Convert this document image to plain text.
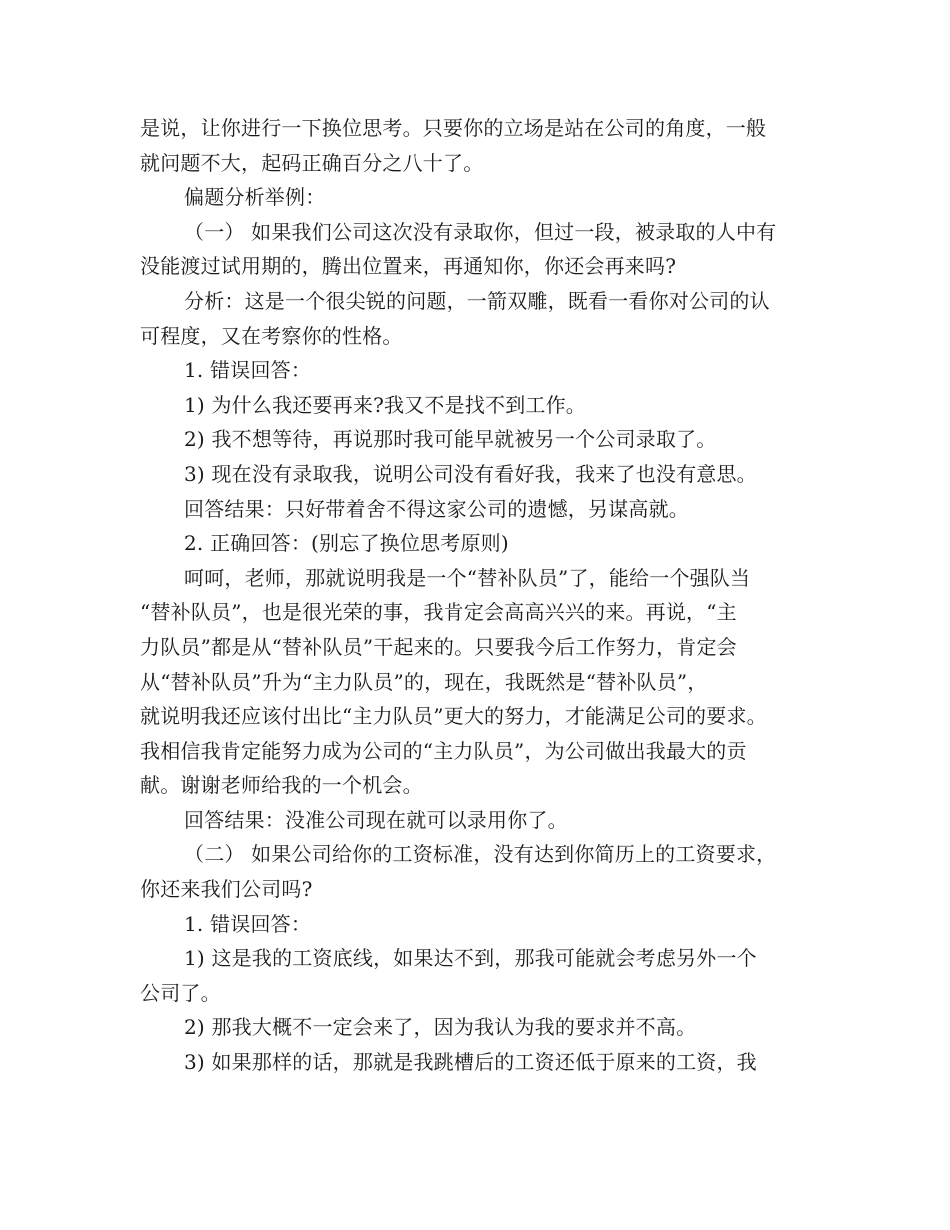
是说，让你进行一下换位思考。只要你的立场是站在公司的角度，一般
就问题不大，起码正确百分之八十了。
偏题分析举例：
（一） 如果我们公司这次没有录取你，但过一段，被录取的人中有
没能渡过试用期的，腾出位置来，再通知你，你还会再来吗?
分析：这是一个很尖锐的问题，一箭双雕，既看一看你对公司的认
可程度，又在考察你的性格。
1. 错误回答：
1) 为什么我还要再来?我又不是找不到工作。
2) 我不想等待，再说那时我可能早就被另一个公司录取了。
3) 现在没有录取我，说明公司没有看好我，我来了也没有意思。
回答结果：只好带着舍不得这家公司的遗憾，另谋高就。
2. 正确回答：(别忘了换位思考原则)
呵呵，老师，那就说明我是一个“替补队员”了，能给一个强队当
“替补队员”，也是很光荣的事，我肯定会高高兴兴的来。再说，“主
力队员”都是从“替补队员”干起来的。只要我今后工作努力，肯定会
从“替补队员”升为“主力队员”的，现在，我既然是“替补队员”，
就说明我还应该付出比“主力队员”更大的努力，才能满足公司的要求。
我相信我肯定能努力成为公司的“主力队员”，为公司做出我最大的贡
献。谢谢老师给我的一个机会。
回答结果：没准公司现在就可以录用你了。
（二） 如果公司给你的工资标准，没有达到你简历上的工资要求，
你还来我们公司吗?
1. 错误回答：
1) 这是我的工资底线，如果达不到，那我可能就会考虑另外一个
公司了。
2) 那我大概不一定会来了，因为我认为我的要求并不高。
3) 如果那样的话，那就是我跳槽后的工资还低于原来的工资，我
